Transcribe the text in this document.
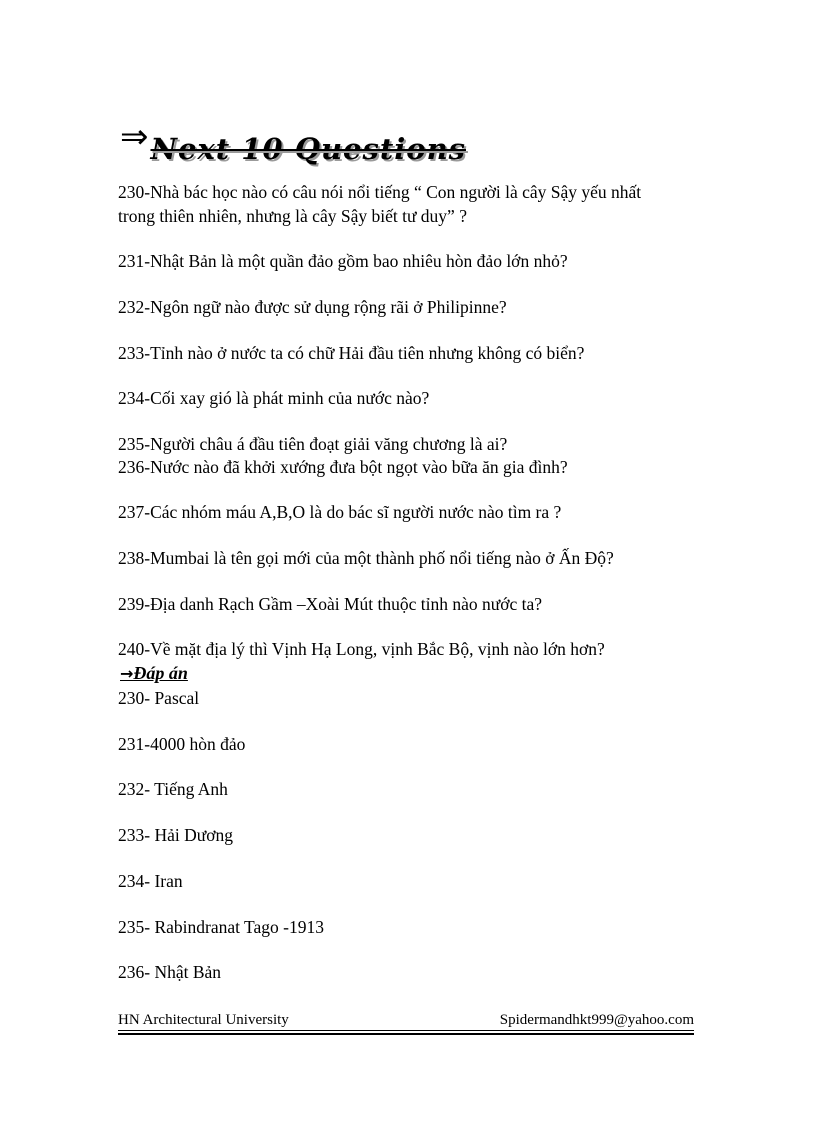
⇒ Next 10 Questions
230-Nhà bác học nào có câu nói nổi tiếng “ Con người là cây Sậy yếu nhất
trong thiên nhiên, nhưng là cây Sậy biết tư duy” ?
231-Nhật Bản là một quần đảo gồm bao nhiêu hòn đảo lớn nhỏ?
232-Ngôn ngữ nào được sử dụng rộng rãi ở Philipinne?
233-Tỉnh nào ở nước ta có chữ Hải đầu tiên nhưng không có biển?
234-Cối xay gió là phát minh của nước nào?
235-Người châu á đầu tiên đoạt giải văng chương là ai?
236-Nước nào đã khởi xướng đưa bột ngọt vào bữa ăn gia đình?
237-Các nhóm máu A,B,O là do bác sĩ người nước nào tìm ra ?
238-Mumbai là tên gọi mới của một thành phố nổi tiếng nào ở Ấn Độ?
239-Địa danh Rạch Gầm –Xoài Mút thuộc tỉnh nào nước ta?
240-Về mặt địa lý thì Vịnh Hạ Long, vịnh Bắc Bộ, vịnh nào lớn hơn?
→Đáp án
230- Pascal
231-4000 hòn đảo
232- Tiếng Anh
233- Hải Dương
234- Iran
235- Rabindranat Tago -1913
236- Nhật Bản
HN Architectural University	Spidermandhkt999@yahoo.com
